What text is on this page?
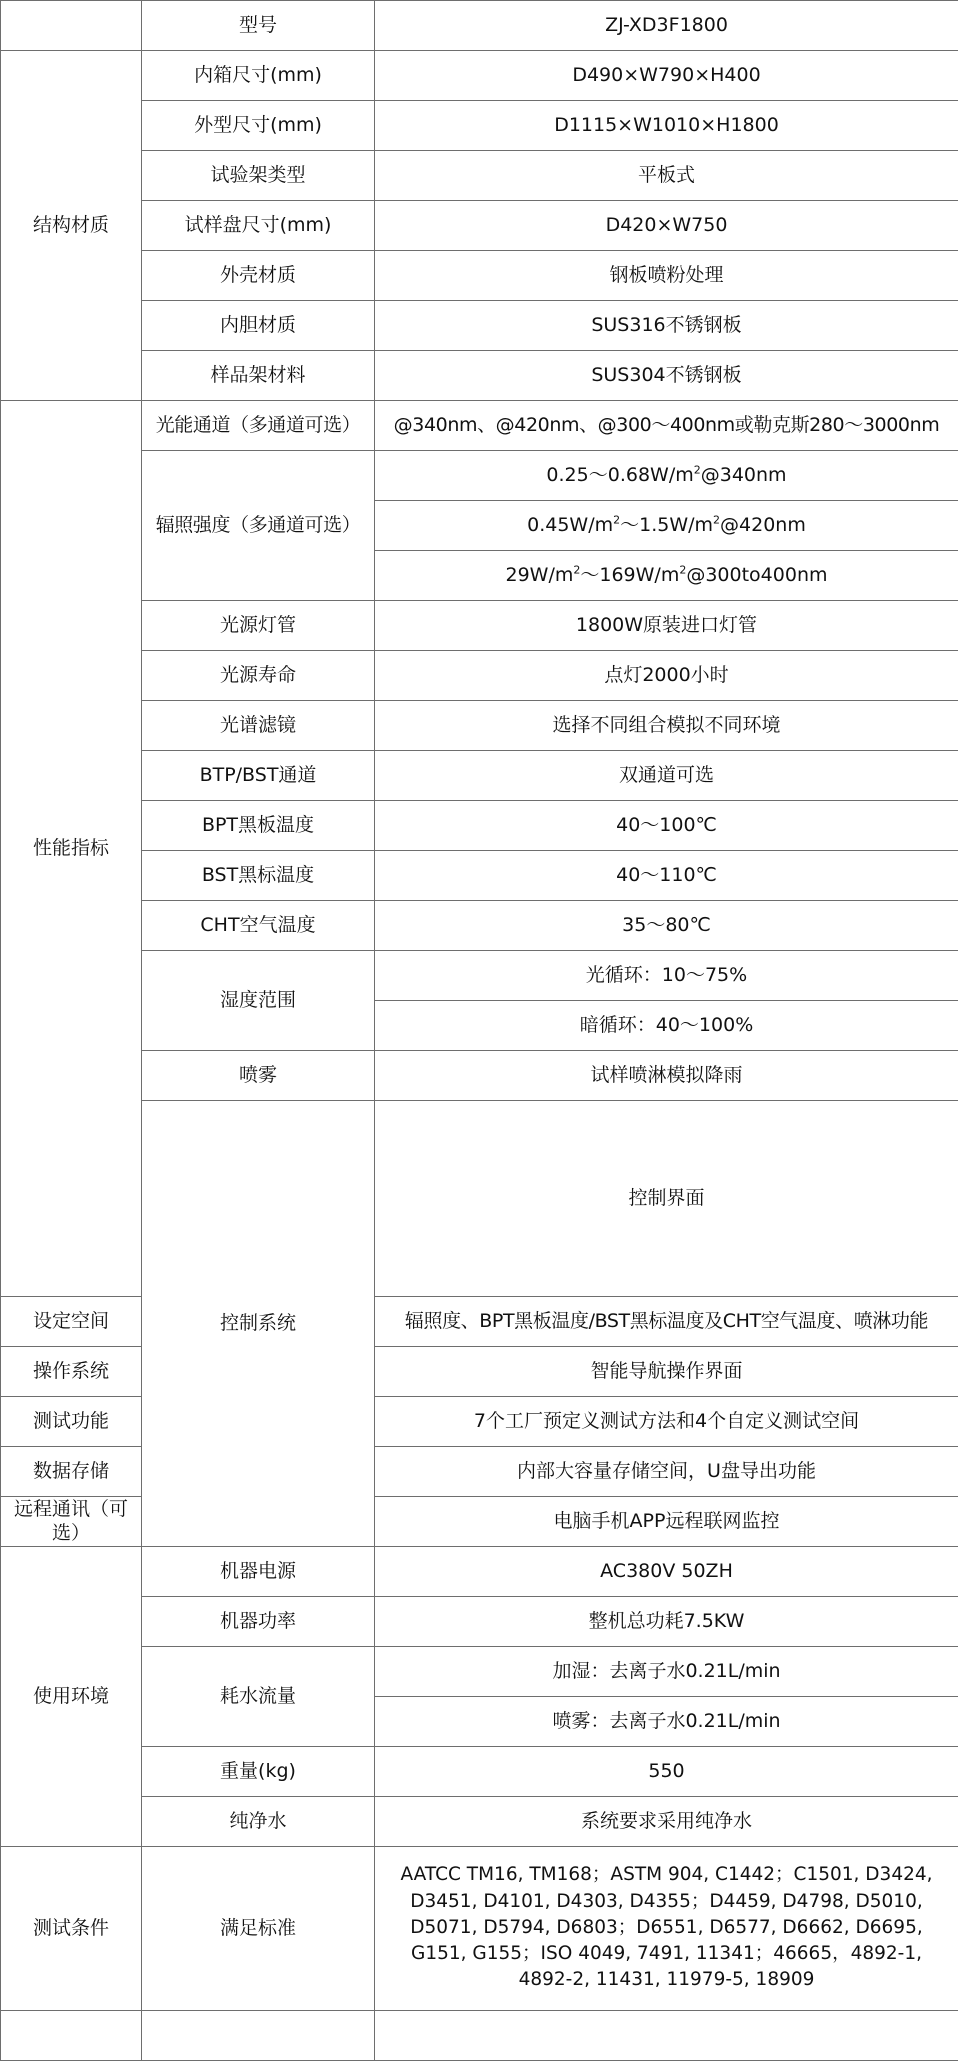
	型号	ZJ-XD3F1800	
结构材质	内箱尺寸(mm)	D490×W790×H400	
	外型尺寸(mm)	D1115×W1010×H1800	
	试验架类型	平板式	
	试样盘尺寸(mm)	D420×W750	
	外壳材质	钢板喷粉处理	
	内胆材质	SUS316不锈钢板	
	样品架材料	SUS304不锈钢板	
性能指标	光能通道（多通道可选）	@340nm、@420nm、@300～400nm或勒克斯280～3000nm	
	辐照强度（多通道可选）	$0.25\sim 0.68W/m^2@340nm$	
		$0.45W/m^2\sim 1.5W/m^2@420nm$	
		$29W/m^2\sim 169W/m^2@300to400nm$	
	光源灯管	1800W原装进口灯管	
	光源寿命	点灯2000小时	
	光谱滤镜	选择不同组合模拟不同环境	
	BTP/BST通道	双通道可选	
	BPT黑板温度	40～100℃	
	BST黑标温度	40～110℃	
	CHT空气温度	35～80℃	
	湿度范围	光循环：10～75%	
		暗循环：40～100%	
	喷雾	试样喷淋模拟降雨	
	控制系统	控制界面	
设定空间		辐照度、BPT黑板温度/BST黑标温度及CHT空气温度、喷淋功能	
操作系统		智能导航操作界面	
测试功能		7个工厂预定义测试方法和4个自定义测试空间	
数据存储		内部大容量存储空间，U盘导出功能	
远程通讯（可选）		电脑手机APP远程联网监控	
使用环境	机器电源	AC380V 50ZH	
	机器功率	整机总功耗7.5KW	
	耗水流量	加湿：去离子水0.21L/min	
		喷雾：去离子水0.21L/min	
	重量(kg)	550	
	纯净水	系统要求采用纯净水	
测试条件	满足标准	AATCC TM16, TM168；ASTM 904, C1442；C1501, D3424,
D3451, D4101, D4303, D4355；D4459, D4798, D5010,
D5071, D5794, D6803；D6551, D6577, D6662, D6695,
G151, G155；ISO 4049, 7491, 11341；46665，4892-1,
4892-2, 11431, 11979-5, 18909	
